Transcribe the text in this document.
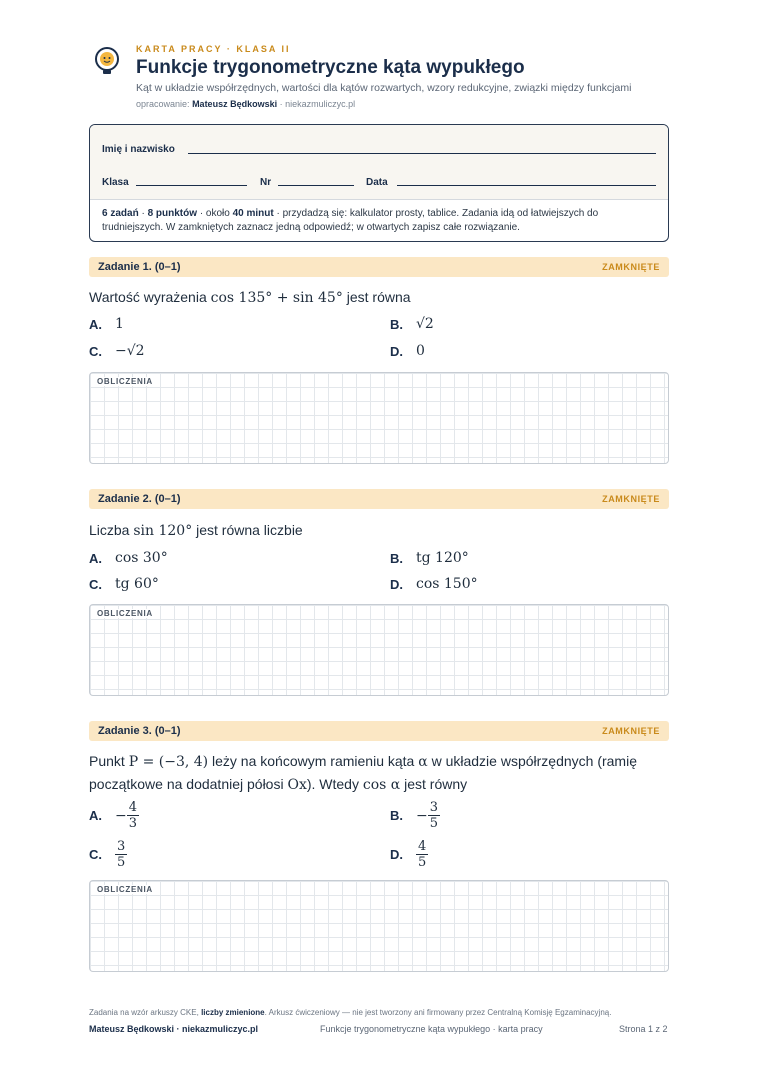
KARTA PRACY · KLASA II
Funkcje trygonometryczne kąta wypukłego
Kąt w układzie współrzędnych, wartości dla kątów rozwartych, wzory redukcyjne, związki między funkcjami
opracowanie: Mateusz Będkowski · niekazmuliczyc.pl
Imię i nazwisko
Klasa	Nr	Data
6 zadań · 8 punktów · około 40 minut · przydadzą się: kalkulator prosty, tablice. Zadania idą od łatwiejszych do trudniejszych. W zamkniętych zaznacz jedną odpowiedź; w otwartych zapisz całe rozwiązanie.
Zadanie 1. (0–1)	ZAMKNIĘTE
Wartość wyrażenia cos 135° + sin 45° jest równa
A. 1	B. √2
C. −√2	D. 0
OBLICZENIA
Zadanie 2. (0–1)	ZAMKNIĘTE
Liczba sin 120° jest równa liczbie
A. cos 30°	B. tg 120°
C. tg 60°	D. cos 150°
OBLICZENIA
Zadanie 3. (0–1)	ZAMKNIĘTE
Punkt P = (−3, 4) leży na końcowym ramieniu kąta α w układzie współrzędnych (ramię początkowe na dodatniej półosi Ox). Wtedy cos α jest równy
A. − $\frac{4}{3}$	B. − $\frac{3}{5}$
C.	$\frac{3}{5}$	D.	$\frac{4}{5}$
OBLICZENIA
Zadania na wzór arkuszy CKE, liczby zmienione. Arkusz ćwiczeniowy — nie jest tworzony ani firmowany przez Centralną Komisję Egzaminacyjną.
Mateusz Będkowski · niekazmuliczyc.pl	Funkcje trygonometryczne kąta wypukłego · karta pracy	Strona 1 z 2
